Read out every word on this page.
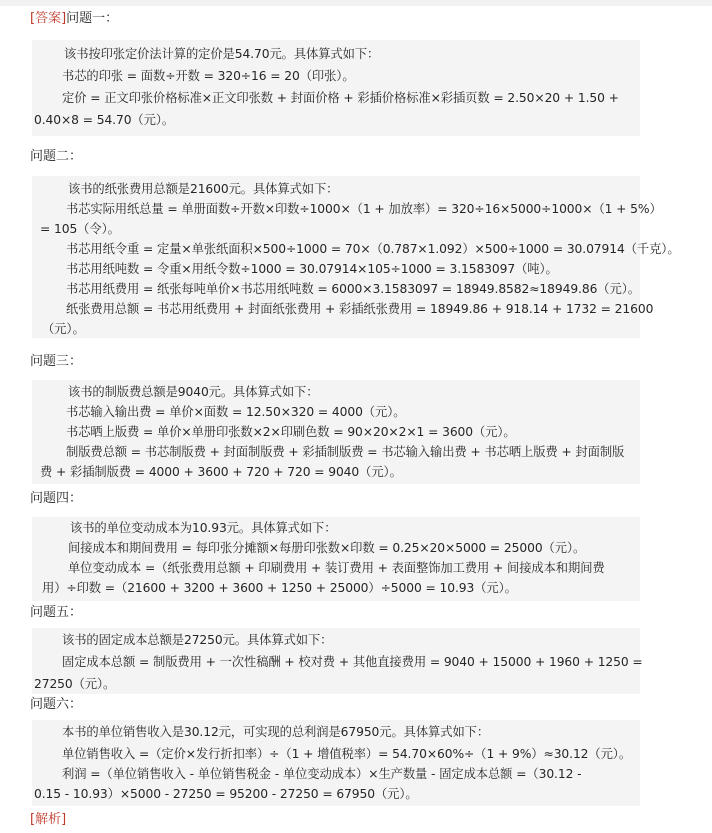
[答案]问题一：
该书按印张定价法计算的定价是54.70元。具体算式如下：
书芯的印张 = 面数÷开数 = 320÷16 = 20（印张）。
定价 = 正文印张价格标准×正文印张数 + 封面价格 + 彩插价格标准×彩插页数 = 2.50×20 + 1.50 +
0.40×8 = 54.70（元）。
问题二：
该书的纸张费用总额是21600元。具体算式如下：
书芯实际用纸总量 = 单册面数÷开数×印数÷1000×（1 + 加放率）= 320÷16×5000÷1000×（1 + 5%）
= 105（令）。
书芯用纸令重 = 定量×单张纸面积×500÷1000 = 70×（0.787×1.092）×500÷1000 = 30.07914（千克）。
书芯用纸吨数 = 令重×用纸令数÷1000 = 30.07914×105÷1000 = 3.1583097（吨）。
书芯用纸费用 = 纸张每吨单价×书芯用纸吨数 = 6000×3.1583097 = 18949.8582≈18949.86（元）。
纸张费用总额 = 书芯用纸费用 + 封面纸张费用 + 彩插纸张费用 = 18949.86 + 918.14 + 1732 = 21600
（元）。
问题三：
该书的制版费总额是9040元。具体算式如下：
书芯输入输出费 = 单价×面数 = 12.50×320 = 4000（元）。
书芯晒上版费 = 单价×单册印张数×2×印刷色数 = 90×20×2×1 = 3600（元）。
制版费总额 = 书芯制版费 + 封面制版费 + 彩插制版费 = 书芯输入输出费 + 书芯晒上版费 + 封面制版
费 + 彩插制版费 = 4000 + 3600 + 720 + 720 = 9040（元）。
问题四：
该书的单位变动成本为10.93元。具体算式如下：
间接成本和期间费用 = 每印张分摊额×每册印张数×印数 = 0.25×20×5000 = 25000（元）。
单位变动成本 =（纸张费用总额 + 印刷费用 + 装订费用 + 表面整饰加工费用 + 间接成本和期间费
用）÷印数 =（21600 + 3200 + 3600 + 1250 + 25000）÷5000 = 10.93（元）。
问题五：
该书的固定成本总额是27250元。具体算式如下：
固定成本总额 = 制版费用 + 一次性稿酬 + 校对费 + 其他直接费用 = 9040 + 15000 + 1960 + 1250 =
27250（元）。
问题六：
本书的单位销售收入是30.12元，可实现的总利润是67950元。具体算式如下：
单位销售收入 =（定价×发行折扣率）÷（1 + 增值税率）= 54.70×60%÷（1 + 9%）≈30.12（元）。
利润 =（单位销售收入 - 单位销售税金 - 单位变动成本）×生产数量 - 固定成本总额 =（30.12 -
0.15 - 10.93）×5000 - 27250 = 95200 - 27250 = 67950（元）。
[解析]
